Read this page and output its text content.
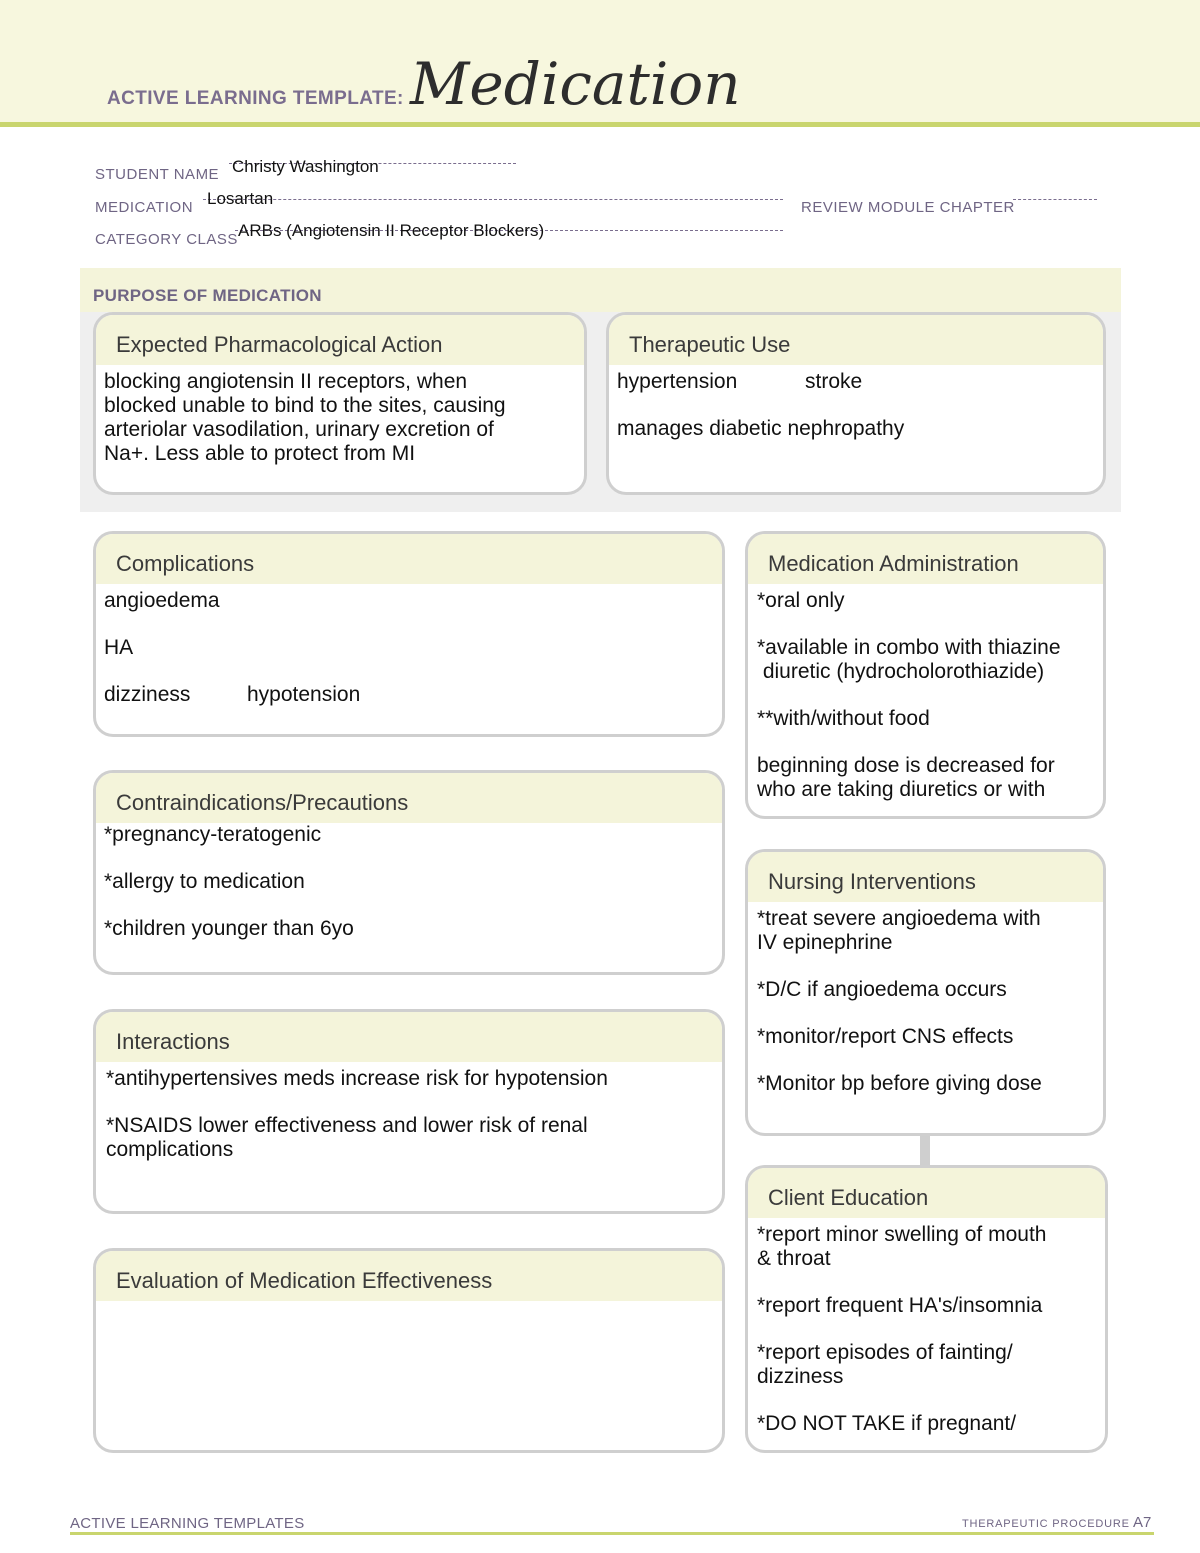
ACTIVE LEARNING TEMPLATE: Medication
STUDENT NAME Christy Washington
MEDICATION Losartan	REVIEW MODULE CHAPTER
CATEGORY CLASS ARBs (Angiotensin II Receptor Blockers)
PURPOSE OF MEDICATION
Expected Pharmacological Action
blocking angiotensin II receptors, when
blocked unable to bind to the sites, causing
arteriolar vasodilation, urinary excretion of
Na+. Less able to protect from MI
Therapeutic Use
hypertension	stroke
manages diabetic nephropathy
Complications
angioedema
HA
dizziness	hypotension
Contraindications/Precautions
*pregnancy-teratogenic
*allergy to medication
*children younger than 6yo
Interactions
*antihypertensives meds increase risk for hypotension
*NSAIDS lower effectiveness and lower risk of renal
complications
Evaluation of Medication Effectiveness
Medication Administration
*oral only
*available in combo with thiazine
diuretic (hydrocholorothiazide)
**with/without food
beginning dose is decreased for
who are taking diuretics or with
Nursing Interventions
*treat severe angioedema with
IV epinephrine
*D/C if angioedema occurs
*monitor/report CNS effects
*Monitor bp before giving dose
Client Education
*report minor swelling of mouth
& throat
*report frequent HA's/insomnia
*report episodes of fainting/
dizziness
*DO NOT TAKE if pregnant/
ACTIVE LEARNING TEMPLATES	THERAPEUTIC PROCEDURE A7
